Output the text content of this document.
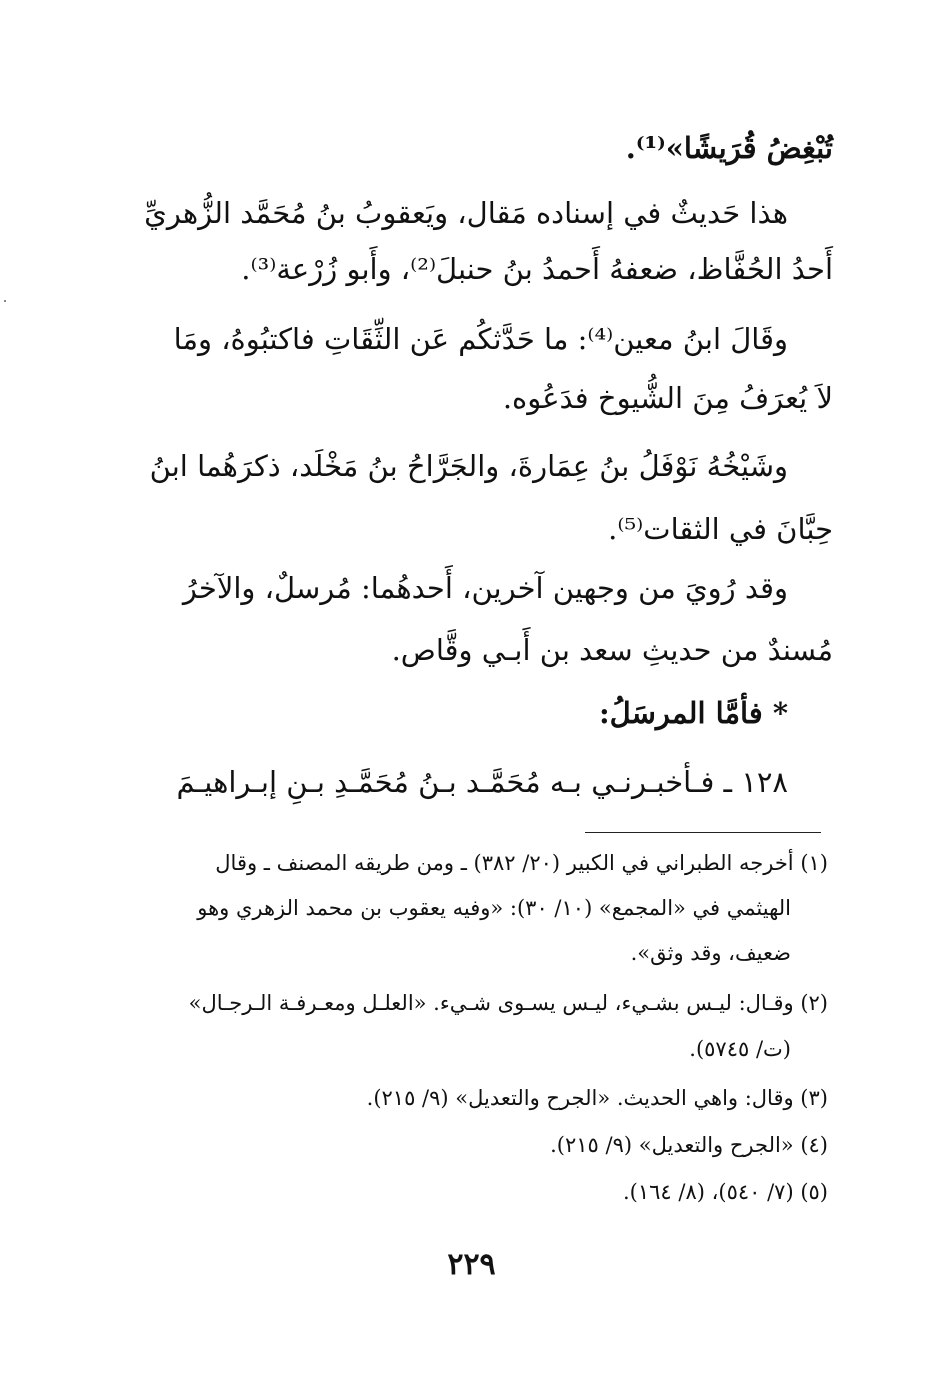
تُبْغِضُ قُرَيشًا»⁽¹⁾.
هذا حَديثٌ في إسناده مَقال، ويَعقوبُ بنُ مُحَمَّد الزُّهريِّ
أَحدُ الحُفَّاظ، ضعفهُ أَحمدُ بنُ حنبلَ⁽²⁾، وأَبو زُرْعة⁽³⁾.
وقَالَ ابنُ معين⁽⁴⁾: ما حَدَّثكُم عَن الثِّقَاتِ فاكتبُوهُ، ومَا
لاَ يُعرَفُ مِنَ الشُّيوخ فدَعُوه.
وشَيْخُهُ نَوْفَلُ بنُ عِمَارةَ، والجَرَّاحُ بنُ مَخْلَد، ذكرَهُما ابنُ
حِبَّانَ في الثقات⁽⁵⁾.
وقد رُويَ من وجهين آخرين، أَحدهُما: مُرسلٌ، والآخرُ
مُسندٌ من حديثِ سعد بن أَبـي وقَّاص.
* فأمَّا المرسَلُ:
١٢٨ ـ فـأخبـرنـي بـه مُحَمَّـد بـنُ مُحَمَّـدِ بـنِ إبـراهيـمَ
(١) أخرجه الطبراني في الكبير (٢٠/ ٣٨٢) ـ ومن طريقه المصنف ـ وقال
الهيثمي في «المجمع» (١٠/ ٣٠): «وفيه يعقوب بن محمد الزهري وهو
ضعيف، وقد وثق».
(٢) وقـال: ليـس بشـيء، ليـس يسـوى شـيء. «العلـل ومعـرفـة الـرجـال»
(ت/ ٥٧٤٥).
(٣) وقال: واهي الحديث. «الجرح والتعديل» (٩/ ٢١٥).
(٤) «الجرح والتعديل» (٩/ ٢١٥).
(٥) (٧/ ٥٤٠)، (٨/ ١٦٤).
٢٢٩
